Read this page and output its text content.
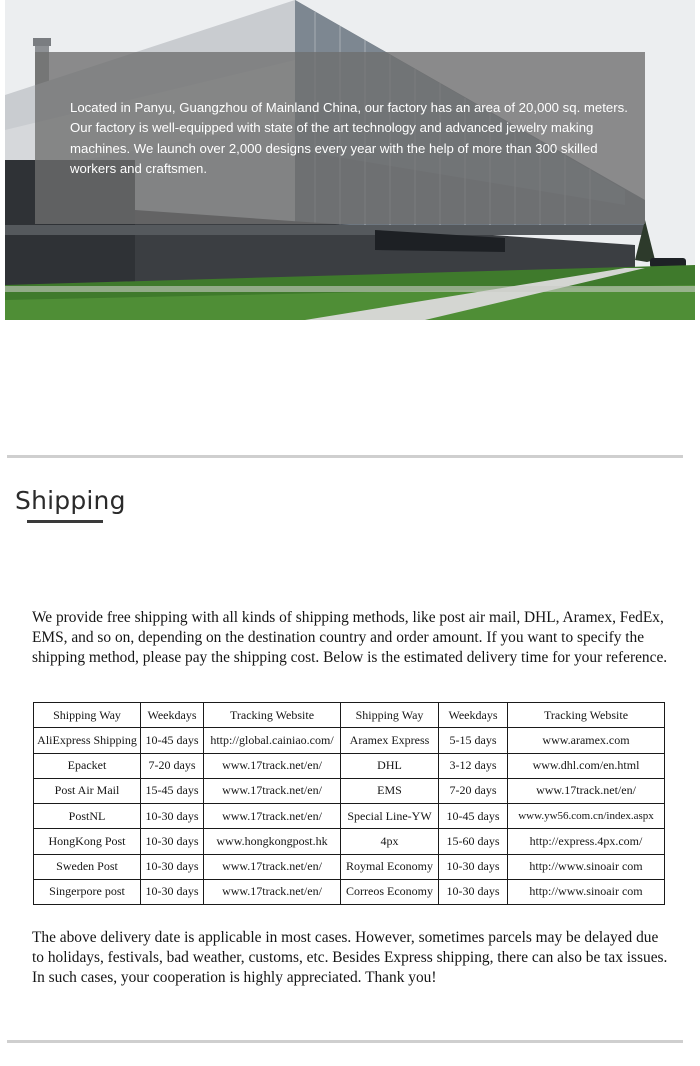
Located in Panyu, Guangzhou of Mainland China, our factory has an area of 20,000 sq. meters. Our factory is well-equipped with state of the art technology and advanced jewelry making machines. We launch over 2,000 designs every year with the help of more than 300 skilled workers and craftsmen.

Shipping

We provide free shipping with all kinds of shipping methods, like post air mail, DHL, Aramex, FedEx, EMS, and so on, depending on the destination country and order amount. If you want to specify the shipping method, please pay the shipping cost. Below is the estimated delivery time for your reference.

Shipping Way	Weekdays	Tracking Website	Shipping Way	Weekdays	Tracking Website
AliExpress Shipping	10-45 days	http://global.cainiao.com/	Aramex Express	5-15 days	www.aramex.com
Epacket	7-20 days	www.17track.net/en/	DHL	3-12 days	www.dhl.com/en.html
Post Air Mail	15-45 days	www.17track.net/en/	EMS	7-20 days	www.17track.net/en/
PostNL	10-30 days	www.17track.net/en/	Special Line-YW	10-45 days	www.yw56.com.cn/index.aspx
HongKong Post	10-30 days	www.hongkongpost.hk	4px	15-60 days	http://express.4px.com/
Sweden Post	10-30 days	www.17track.net/en/	Roymal Economy	10-30 days	http://www.sinoair com
Singerpore post	10-30 days	www.17track.net/en/	Correos Economy	10-30 days	http://www.sinoair com

The above delivery date is applicable in most cases. However, sometimes parcels may be delayed due to holidays, festivals, bad weather, customs, etc. Besides Express shipping, there can also be tax issues. In such cases, your cooperation is highly appreciated. Thank you!
